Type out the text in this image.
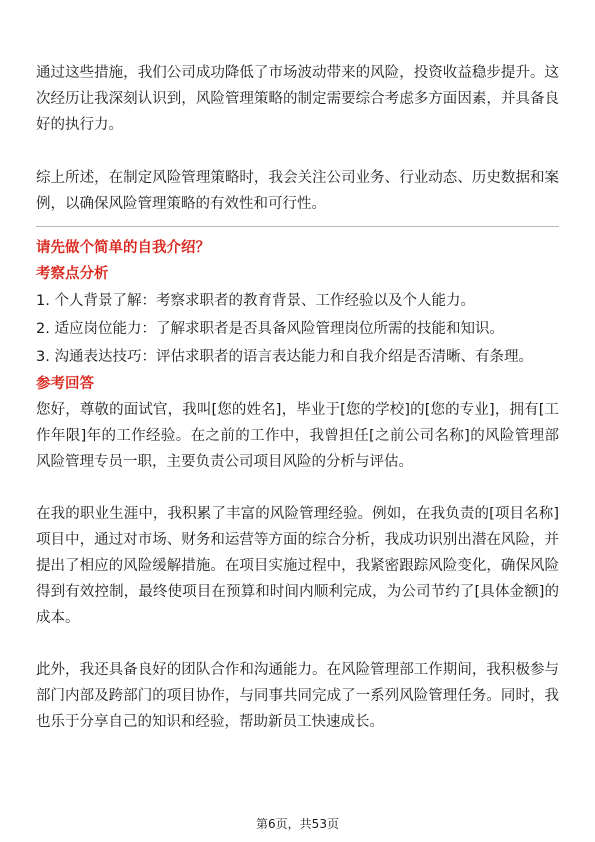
通过这些措施，我们公司成功降低了市场波动带来的风险，投资收益稳步提升。这次经历让我深刻认识到，风险管理策略的制定需要综合考虑多方面因素，并具备良好的执行力。

综上所述，在制定风险管理策略时，我会关注公司业务、行业动态、历史数据和案例，以确保风险管理策略的有效性和可行性。

请先做个简单的自我介绍？

考察点分析

1. 个人背景了解：考察求职者的教育背景、工作经验以及个人能力。

2. 适应岗位能力：了解求职者是否具备风险管理岗位所需的技能和知识。

3. 沟通表达技巧：评估求职者的语言表达能力和自我介绍是否清晰、有条理。

参考回答

您好，尊敬的面试官，我叫[您的姓名]，毕业于[您的学校]的[您的专业]，拥有[工作年限]年的工作经验。在之前的工作中，我曾担任[之前公司名称]的风险管理部风险管理专员一职，主要负责公司项目风险的分析与评估。

在我的职业生涯中，我积累了丰富的风险管理经验。例如，在我负责的[项目名称]项目中，通过对市场、财务和运营等方面的综合分析，我成功识别出潜在风险，并提出了相应的风险缓解措施。在项目实施过程中，我紧密跟踪风险变化，确保风险得到有效控制，最终使项目在预算和时间内顺利完成，为公司节约了[具体金额]的成本。

此外，我还具备良好的团队合作和沟通能力。在风险管理部工作期间，我积极参与部门内部及跨部门的项目协作，与同事共同完成了一系列风险管理任务。同时，我也乐于分享自己的知识和经验，帮助新员工快速成长。

第6页，共53页
